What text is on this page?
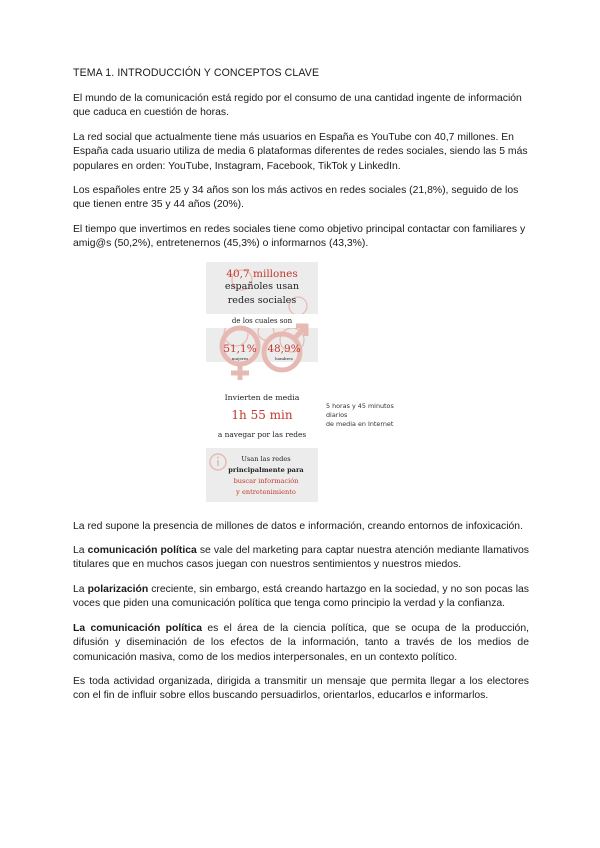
TEMA 1. INTRODUCCIÓN Y CONCEPTOS CLAVE

El mundo de la comunicación está regido por el consumo de una cantidad ingente de información que caduca en cuestión de horas.

La red social que actualmente tiene más usuarios en España es YouTube con 40,7 millones. En España cada usuario utiliza de media 6 plataformas diferentes de redes sociales, siendo las 5 más populares en orden: YouTube, Instagram, Facebook, TikTok y LinkedIn.

Los españoles entre 25 y 34 años son los más activos en redes sociales (21,8%), seguido de los que tienen entre 35 y 44 años (20%).

El tiempo que invertimos en redes sociales tiene como objetivo principal contactar con familiares y amig@s (50,2%), entretenernos (45,3%) o informarnos (43,3%).

40,7 millones
españoles usan
redes sociales
de los cuales son
51,1%
mujeres
48,9%
hombres
Invierten de media
1h 55 min
a navegar por las redes
5 horas y 45 minutos
diarios
de media en Internet
Usan las redes
principalmente para
buscar información
y entretenimiento

La red supone la presencia de millones de datos e información, creando entornos de infoxicación.

La comunicación política se vale del marketing para captar nuestra atención mediante llamativos titulares que en muchos casos juegan con nuestros sentimientos y nuestros miedos.

La polarización creciente, sin embargo, está creando hartazgo en la sociedad, y no son pocas las voces que piden una comunicación política que tenga como principio la verdad y la confianza.

La comunicación política es el área de la ciencia política, que se ocupa de la producción, difusión y diseminación de los efectos de la información, tanto a través de los medios de comunicación masiva, como de los medios interpersonales, en un contexto político.

Es toda actividad organizada, dirigida a transmitir un mensaje que permita llegar a los electores con el fin de influir sobre ellos buscando persuadirlos, orientarlos, educarlos e informarlos.
